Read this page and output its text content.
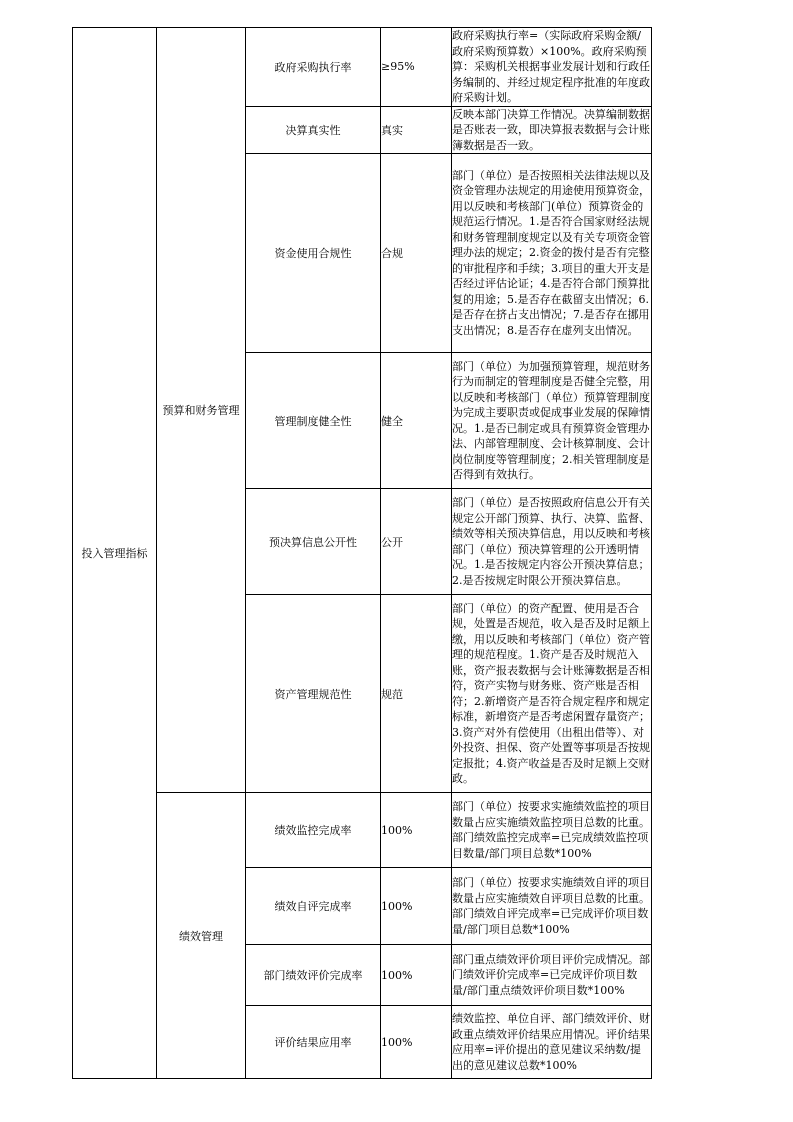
投入管理指标	预算和财务管理	政府采购执行率	≥95%	政府采购执行率=（实际政府采购金额/政府采购预算数）×100%。政府采购预算：采购机关根据事业发展计划和行政任务编制的、并经过规定程序批准的年度政府采购计划。
		决算真实性	真实	反映本部门决算工作情况。决算编制数据是否账表一致，即决算报表数据与会计账簿数据是否一致。
		资金使用合规性	合规	部门（单位）是否按照相关法律法规以及资金管理办法规定的用途使用预算资金，用以反映和考核部门(单位）预算资金的规范运行情况。1.是否符合国家财经法规和财务管理制度规定以及有关专项资金管理办法的规定；2.资金的拨付是否有完整的审批程序和手续；3.项目的重大开支是否经过评估论证；4.是否符合部门预算批复的用途；5.是否存在截留支出情况；6.是否存在挤占支出情况；7.是否存在挪用支出情况；8.是否存在虚列支出情况。
		管理制度健全性	健全	部门（单位）为加强预算管理，规范财务行为而制定的管理制度是否健全完整，用以反映和考核部门（单位）预算管理制度为完成主要职责或促成事业发展的保障情况。1.是否已制定或具有预算资金管理办法、内部管理制度、会计核算制度、会计岗位制度等管理制度；2.相关管理制度是否得到有效执行。
		预决算信息公开性	公开	部门（单位）是否按照政府信息公开有关规定公开部门预算、执行、决算、监督、绩效等相关预决算信息，用以反映和考核部门（单位）预决算管理的公开透明情况。1.是否按规定内容公开预决算信息；2.是否按规定时限公开预决算信息。
		资产管理规范性	规范	部门（单位）的资产配置、使用是否合规，处置是否规范，收入是否及时足额上缴，用以反映和考核部门（单位）资产管理的规范程度。1.资产是否及时规范入账，资产报表数据与会计账簿数据是否相符，资产实物与财务账、资产账是否相符；2.新增资产是否符合规定程序和规定标准，新增资产是否考虑闲置存量资产；3.资产对外有偿使用（出租出借等）、对外投资、担保、资产处置等事项是否按规定报批；4.资产收益是否及时足额上交财政。
	绩效管理	绩效监控完成率	100%	部门（单位）按要求实施绩效监控的项目数量占应实施绩效监控项目总数的比重。部门绩效监控完成率=已完成绩效监控项目数量/部门项目总数*100%
		绩效自评完成率	100%	部门（单位）按要求实施绩效自评的项目数量占应实施绩效自评项目总数的比重。部门绩效自评完成率=已完成评价项目数量/部门项目总数*100%
		部门绩效评价完成率	100%	部门重点绩效评价项目评价完成情况。部门绩效评价完成率=已完成评价项目数量/部门重点绩效评价项目数*100%
		评价结果应用率	100%	绩效监控、单位自评、部门绩效评价、财政重点绩效评价结果应用情况。评价结果应用率=评价提出的意见建议采纳数/提出的意见建议总数*100%
